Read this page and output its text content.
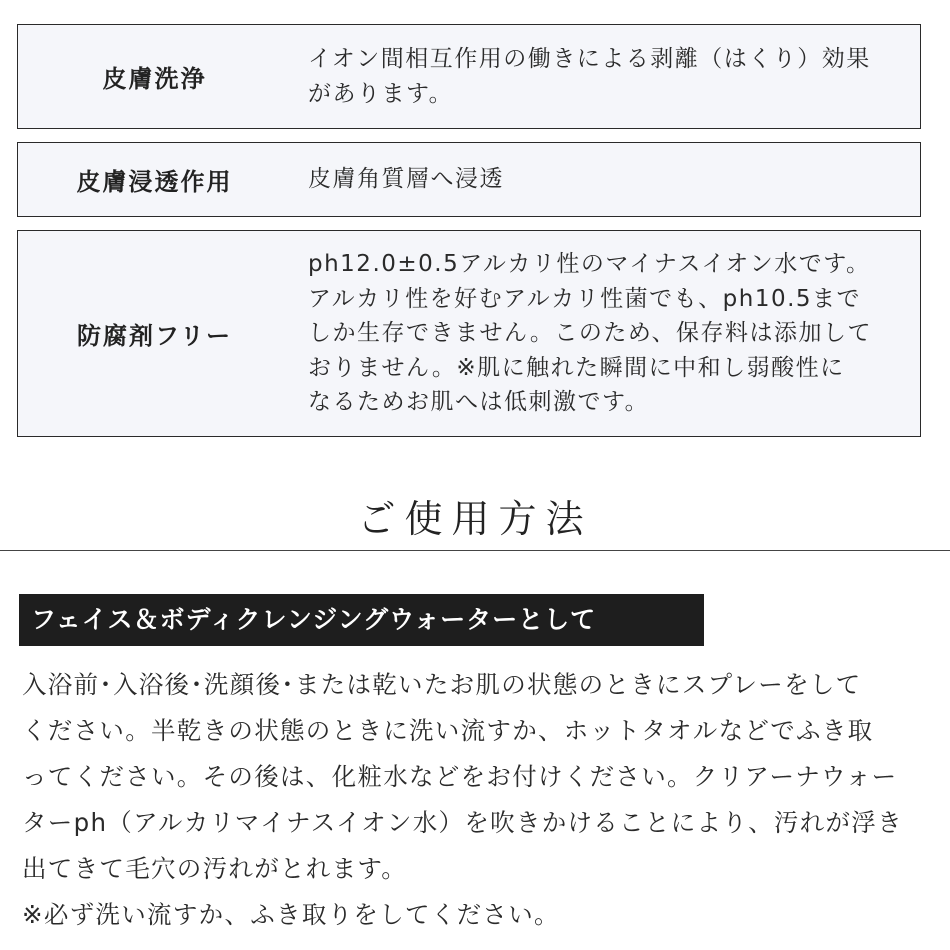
皮膚洗浄
イオン間相互作用の働きによる剥離（はくり）効果
があります。
皮膚浸透作用	皮膚角質層へ浸透
防腐剤フリー
ph12.0±0.5アルカリ性のマイナスイオン水です。
アルカリ性を好むアルカリ性菌でも、ph10.5まで
しか生存できません。このため、保存料は添加して
おりません。※肌に触れた瞬間に中和し弱酸性に
なるためお肌へは低刺激です。
ご使用方法
フェイス＆ボディクレンジングウォーターとして

入浴前･入浴後･洗顔後･または乾いたお肌の状態のときにスプレーをして
ください。半乾きの状態のときに洗い流すか、ホットタオルなどでふき取
ってください。その後は、化粧水などをお付けください。クリアーナウォー
ターph（アルカリマイナスイオン水）を吹きかけることにより、汚れが浮き
出てきて毛穴の汚れがとれます。
※必ず洗い流すか、ふき取りをしてください。
